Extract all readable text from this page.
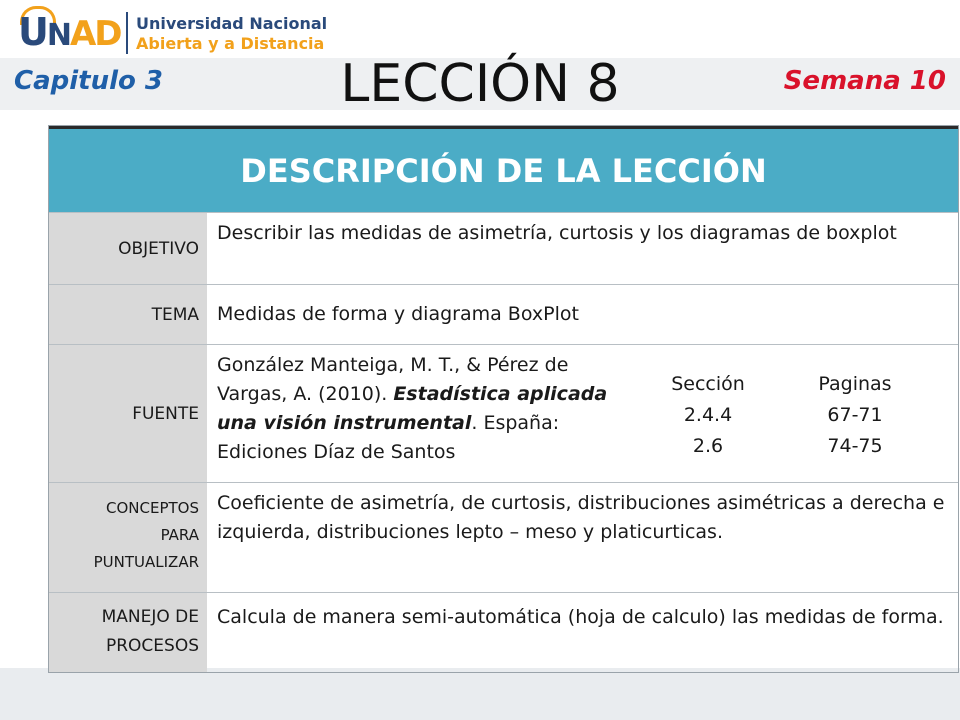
UNAD Universidad Nacional
Abierta y a Distancia
Capitulo 3	LECCIÓN 8	Semana 10
DESCRIPCIÓN DE LA LECCIÓN
OBJETIVO
Describir las medidas de asimetría, curtosis y los diagramas de boxplot
TEMA Medidas de forma y diagrama BoxPlot
FUENTE
González Manteiga, M. T., & Pérez de Vargas, A. (2010). Estadística aplicada una visión instrumental. España: Ediciones Díaz de Santos
Sección
2.4.4
2.6
Paginas
67-71
74-75
CONCEPTOS
PARA
PUNTUALIZAR
Coeficiente de asimetría, de curtosis, distribuciones asimétricas a derecha e izquierda, distribuciones lepto – meso y platicurticas.
MANEJO DE
PROCESOS
Calcula de manera semi-automática (hoja de calculo) las medidas de forma.
